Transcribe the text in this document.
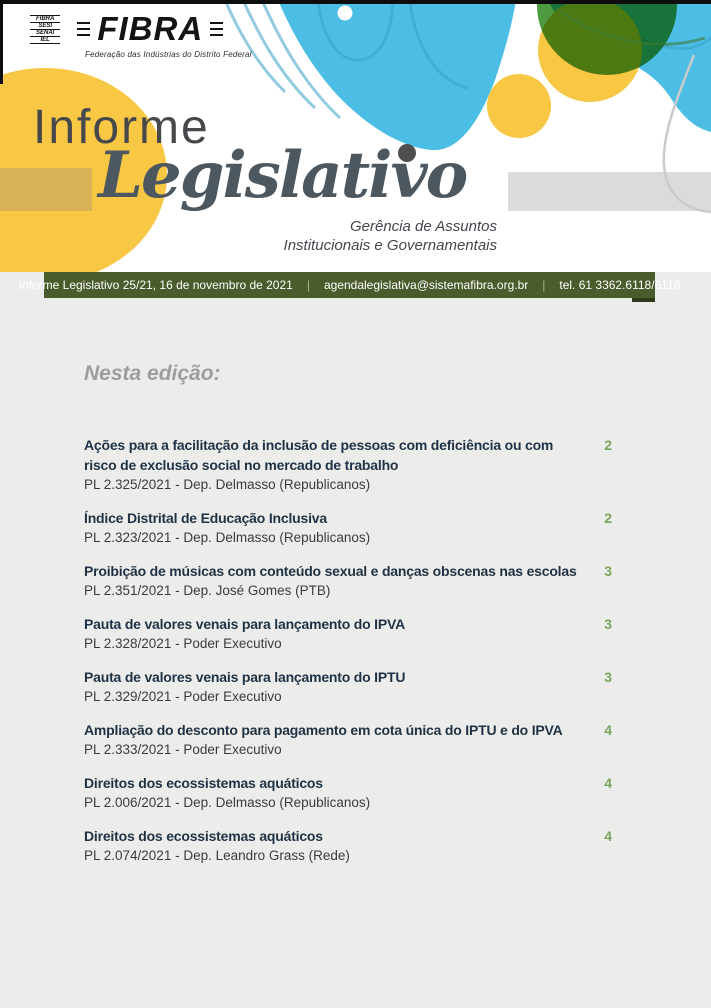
FIBRA
SESI
SENAI
IEL	FIBRA
Federação das Indústrias do Distrito Federal
Informe
Legislativo
Gerência de Assuntos
Institucionais e Governamentais
Informe Legislativo 25/21, 16 de novembro de 2021 | agendalegislativa@sistemafibra.org.br | tel. 61 3362.6118/6116
Nesta edição:
Ações para a facilitação da inclusão de pessoas com deficiência ou com risco de exclusão social no mercado de trabalho
PL 2.325/2021 - Dep. Delmasso (Republicanos)
2
Índice Distrital de Educação Inclusiva
PL 2.323/2021 - Dep. Delmasso (Republicanos)
2
Proibição de músicas com conteúdo sexual e danças obscenas nas escolas
PL 2.351/2021 - Dep. José Gomes (PTB)
3
Pauta de valores venais para lançamento do IPVA
PL 2.328/2021 - Poder Executivo
3
Pauta de valores venais para lançamento do IPTU
PL 2.329/2021 - Poder Executivo
3
Ampliação do desconto para pagamento em cota única do IPTU e do IPVA
PL 2.333/2021 - Poder Executivo
4
Direitos dos ecossistemas aquáticos
PL 2.006/2021 - Dep. Delmasso (Republicanos)
4
Direitos dos ecossistemas aquáticos
PL 2.074/2021 - Dep. Leandro Grass (Rede)
4
